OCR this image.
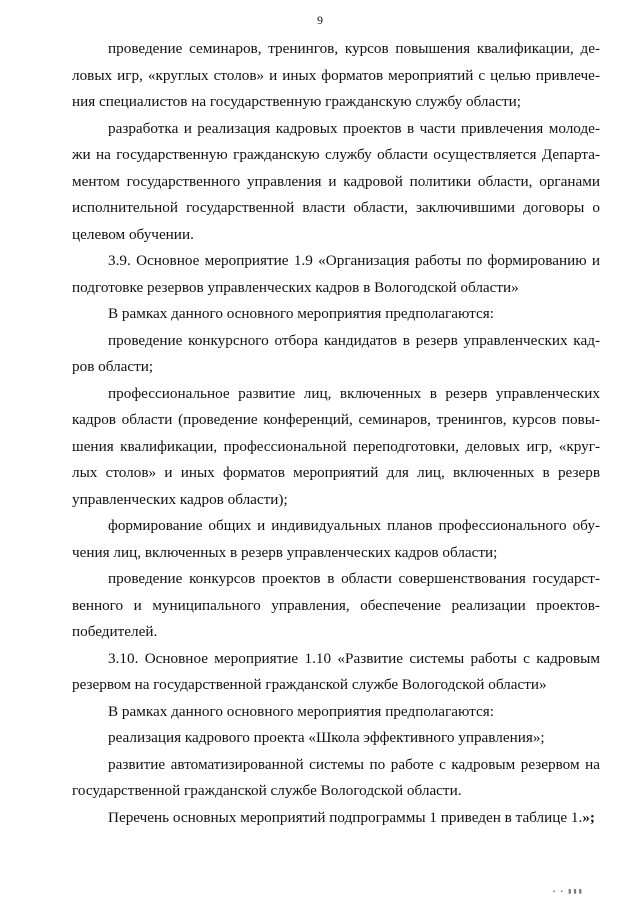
9

проведение семинаров, тренингов, курсов повышения квалификации, деловых игр, «круглых столов» и иных форматов мероприятий с целью привлечения специалистов на государственную гражданскую службу области;

разработка и реализация кадровых проектов в части привлечения молодежи на государственную гражданскую службу области осуществляется Департаментом государственного управления и кадровой политики области, органами исполнительной государственной власти области, заключившими договоры о целевом обучении.

3.9. Основное мероприятие 1.9 «Организация работы по формированию и подготовке резервов управленческих кадров в Вологодской области»

В рамках данного основного мероприятия предполагаются:

проведение конкурсного отбора кандидатов в резерв управленческих кадров области;

профессиональное развитие лиц, включенных в резерв управленческих кадров области (проведение конференций, семинаров, тренингов, курсов повышения квалификации, профессиональной переподготовки, деловых игр, «круглых столов» и иных форматов мероприятий для лиц, включенных в резерв управленческих кадров области);

формирование общих и индивидуальных планов профессионального обучения лиц, включенных в резерв управленческих кадров области;

проведение конкурсов проектов в области совершенствования государственного и муниципального управления, обеспечение реализации проектов-победителей.

3.10. Основное мероприятие 1.10 «Развитие системы работы с кадровым резервом на государственной гражданской службе Вологодской области»

В рамках данного основного мероприятия предполагаются:

реализация кадрового проекта «Школа эффективного управления»;

развитие автоматизированной системы по работе с кадровым резервом на государственной гражданской службе Вологодской области.

Перечень основных мероприятий подпрограммы 1 приведен в таблице 1.»;

▪ ▪ ▮▮▮
